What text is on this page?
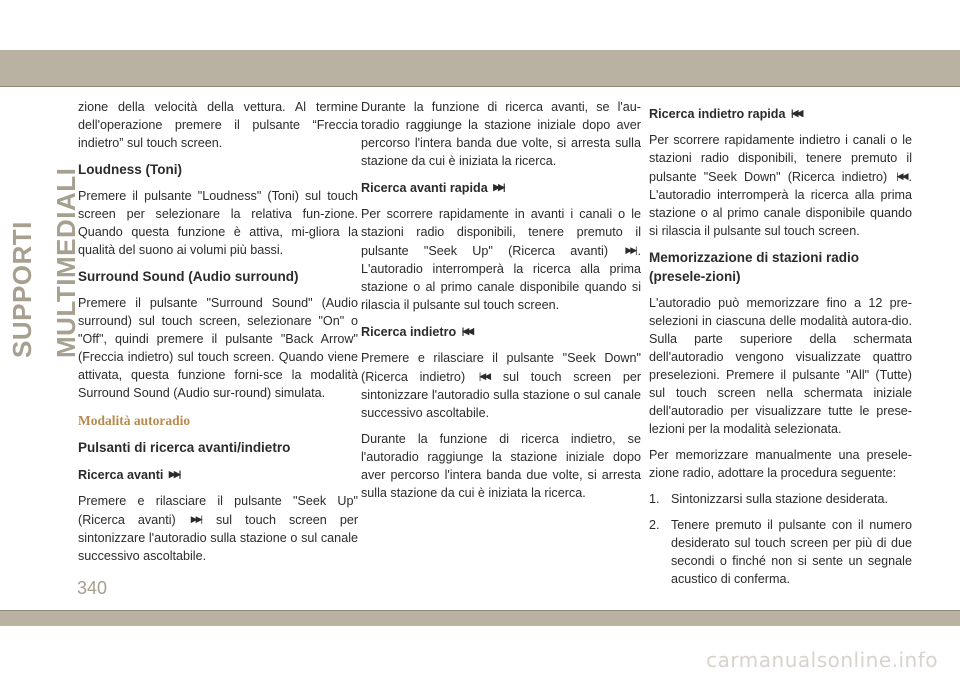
SUPPORTI MULTIMEDIALI

zione della velocità della vettura. Al termine dell'operazione premere il pulsante “Freccia indietro” sul touch screen.

Loudness (Toni)

Premere il pulsante "Loudness" (Toni) sul touch screen per selezionare la relativa fun-zione. Quando questa funzione è attiva, mi-gliora la qualità del suono ai volumi più bassi.

Surround Sound (Audio surround)

Premere il pulsante "Surround Sound" (Audio surround) sul touch screen, selezionare "On" o "Off", quindi premere il pulsante "Back Arrow" (Freccia indietro) sul touch screen. Quando viene attivata, questa funzione forni-sce la modalità Surround Sound (Audio sur-round) simulata.

Modalità autoradio
Pulsanti di ricerca avanti/indietro
Ricerca avanti ▶▶|

Premere e rilasciare il pulsante "Seek Up" (Ricerca avanti) ▶▶| sul touch screen per sintonizzare l'autoradio sulla stazione o sul canale successivo ascoltabile.

Durante la funzione di ricerca avanti, se l'au-toradio raggiunge la stazione iniziale dopo aver percorso l'intera banda due volte, si arresta sulla stazione da cui è iniziata la ricerca.

Ricerca avanti rapida ▶▶|

Per scorrere rapidamente in avanti i canali o le stazioni radio disponibili, tenere premuto il pulsante "Seek Up" (Ricerca avanti) ▶▶| . L'autoradio interromperà la ricerca alla prima stazione o al primo canale disponibile quando si rilascia il pulsante sul touch screen.

Ricerca indietro |◀◀

Premere e rilasciare il pulsante "Seek Down" (Ricerca indietro) |◀◀ sul touch screen per sintonizzare l'autoradio sulla stazione o sul canale successivo ascoltabile.

Durante la funzione di ricerca indietro, se l'autoradio raggiunge la stazione iniziale dopo aver percorso l'intera banda due volte, si arresta sulla stazione da cui è iniziata la ricerca.

Ricerca indietro rapida |◀◀

Per scorrere rapidamente indietro i canali o le stazioni radio disponibili, tenere premuto il pulsante "Seek Down" (Ricerca indietro) |◀◀ . L'autoradio interromperà la ricerca alla prima stazione o al primo canale disponibile quando si rilascia il pulsante sul touch screen.

Memorizzazione di stazioni radio (presele-zioni)

L'autoradio può memorizzare fino a 12 pre-selezioni in ciascuna delle modalità autora-dio. Sulla parte superiore della schermata dell'autoradio vengono visualizzate quattro preselezioni. Premere il pulsante "All" (Tutte) sul touch screen nella schermata iniziale dell'autoradio per visualizzare tutte le prese-lezioni per la modalità selezionata.

Per memorizzare manualmente una presele-zione radio, adottare la procedura seguente:

1. Sintonizzarsi sulla stazione desiderata.
2. Tenere premuto il pulsante con il numero desiderato sul touch screen per più di due secondi o finché non si sente un segnale acustico di conferma.
340
carmanualsonline.info
